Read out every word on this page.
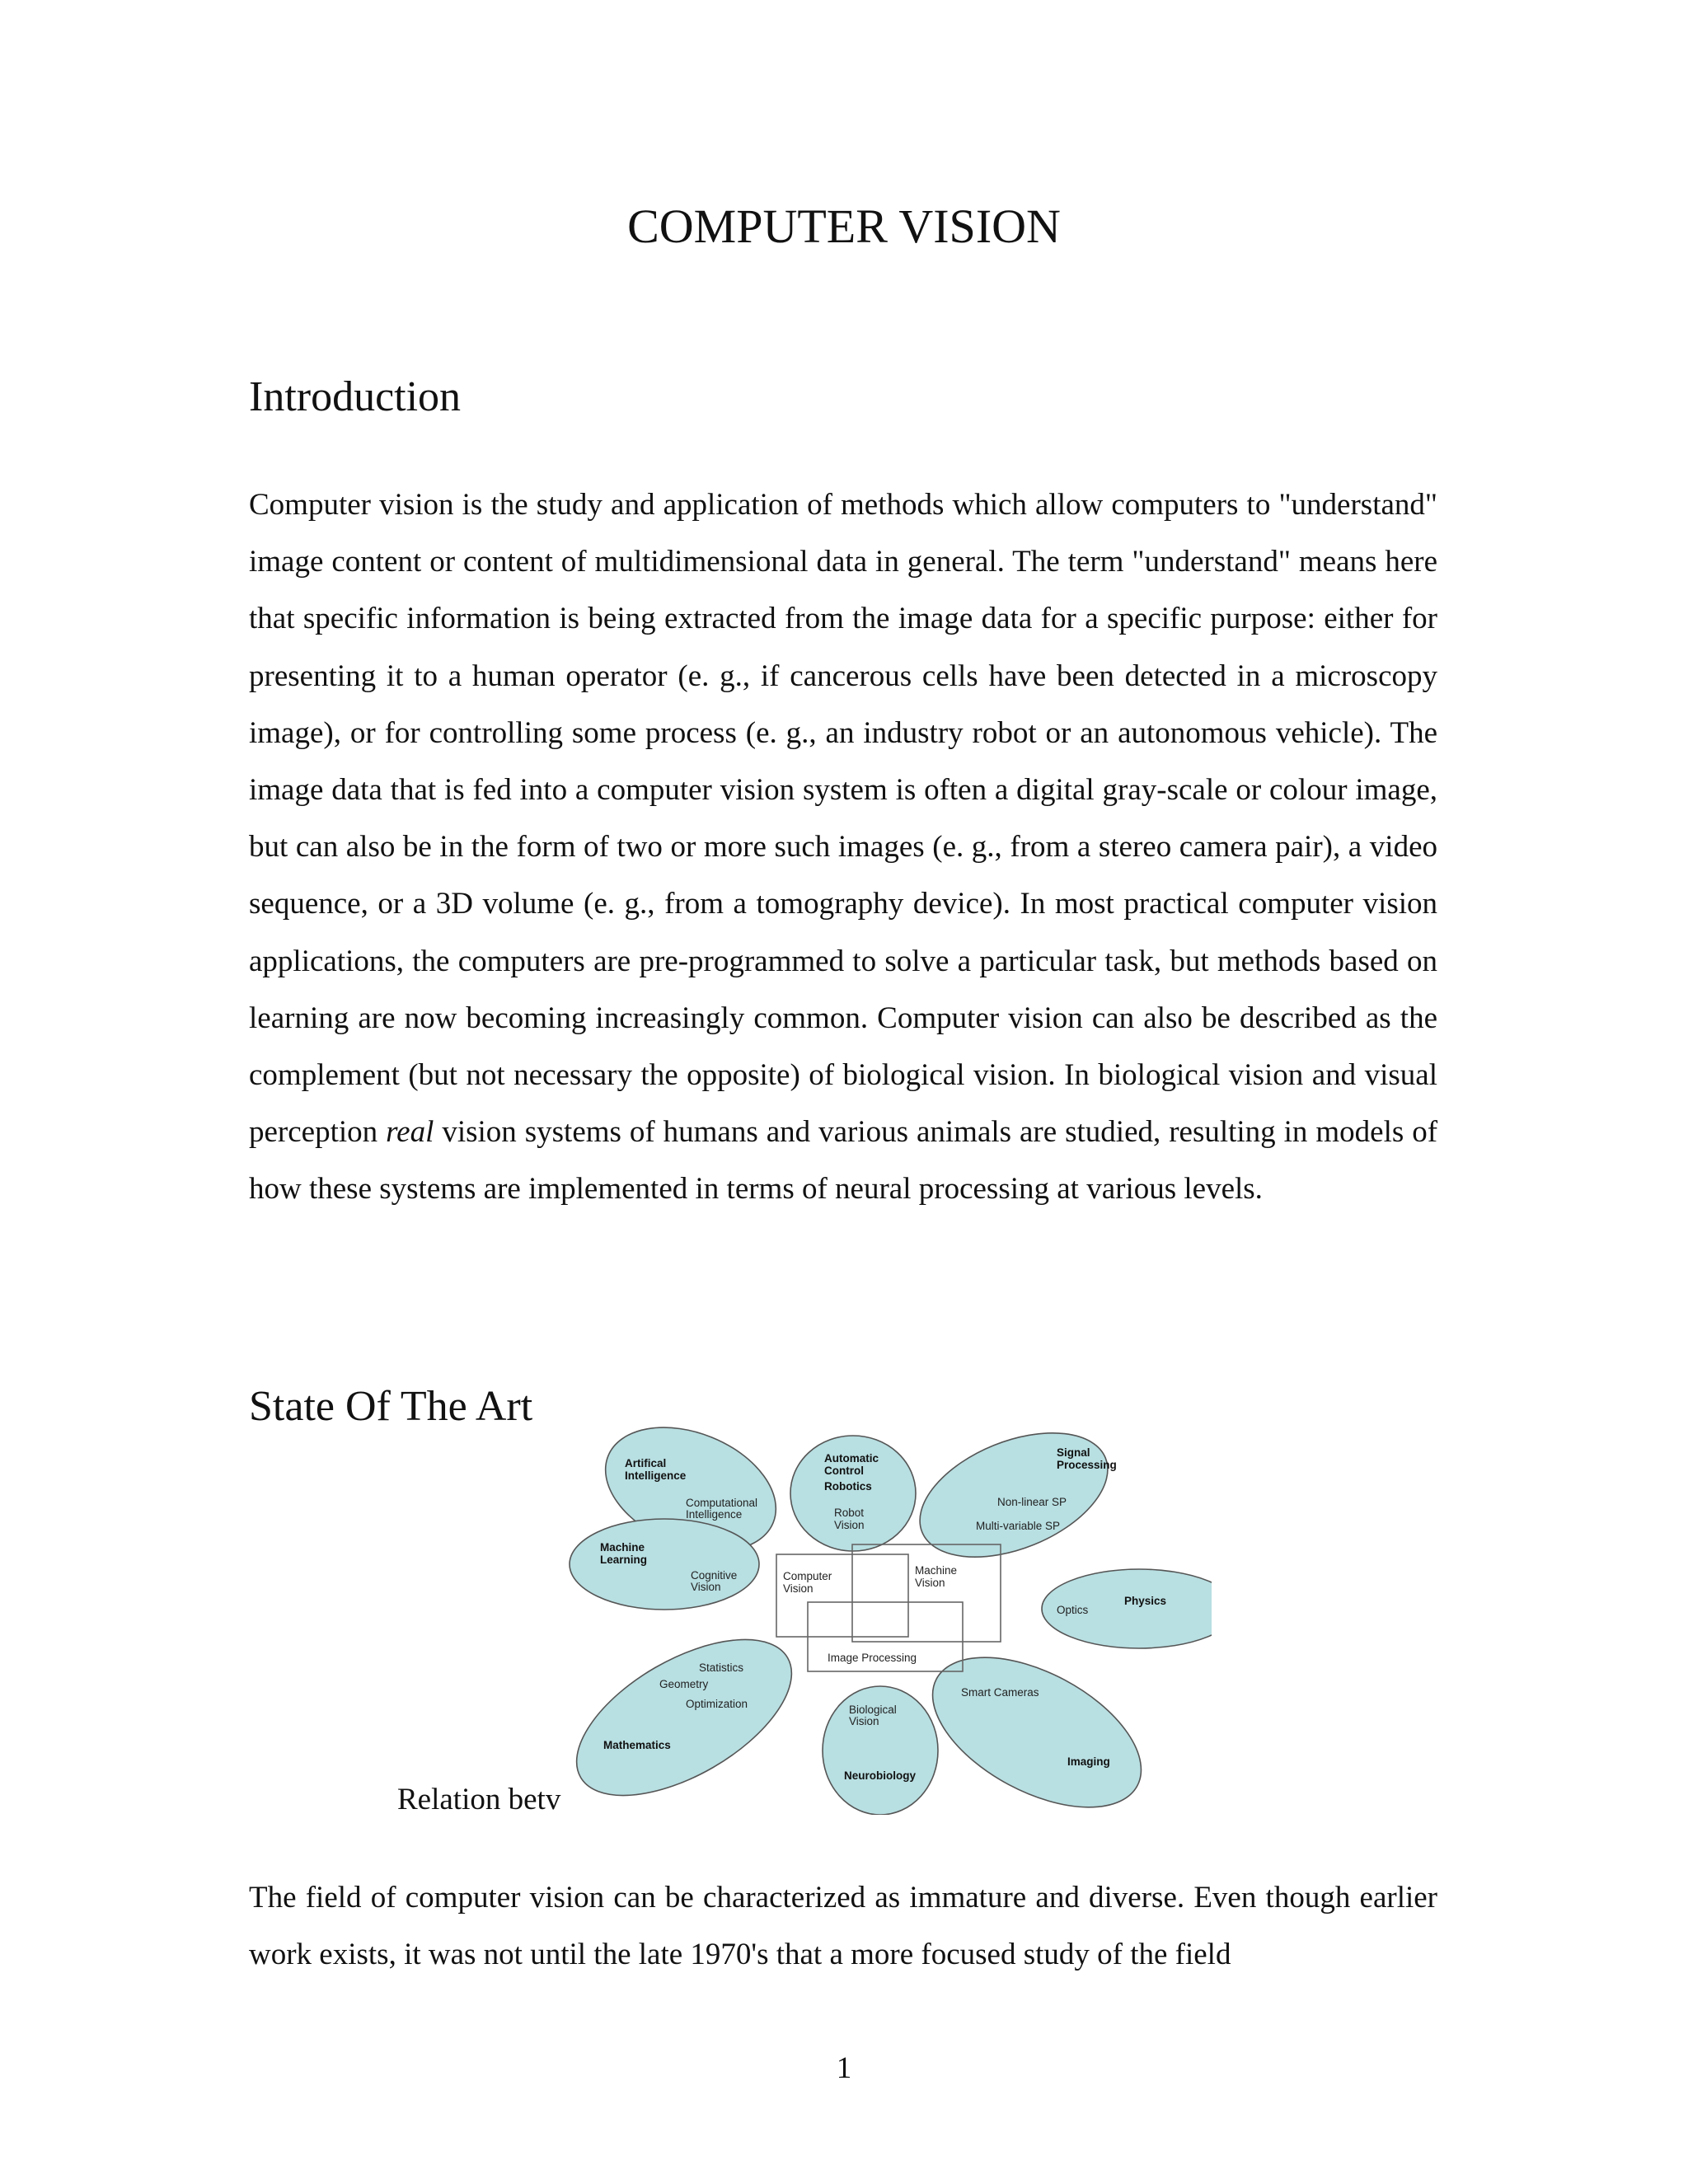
COMPUTER VISION
Introduction

Computer vision is the study and application of methods which allow computers to "understand" image content or content of multidimensional data in general. The term "understand" means here that specific information is being extracted from the image data for a specific purpose: either for presenting it to a human operator (e. g., if cancerous cells have been detected in a microscopy image), or for controlling some process (e. g., an industry robot or an autonomous vehicle). The image data that is fed into a computer vision system is often a digital gray-scale or colour image, but can also be in the form of two or more such images (e. g., from a stereo camera pair), a video sequence, or a 3D volume (e. g., from a tomography device). In most practical computer vision applications, the computers are pre-programmed to solve a particular task, but methods based on learning are now becoming increasingly common. Computer vision can also be described as the complement (but not necessary the opposite) of biological vision. In biological vision and visual perception real vision systems of humans and various animals are studied, resulting in models of how these systems are implemented in terms of neural processing at various levels.

State Of The Art

Relation betv

Artifical
Intelligence
Computational
Intelligence
Automatic
Control
Robotics
Robot
Vision
Signal
Processing
Non-linear SP
Multi-variable SP
Machine
Learning
Cognitive
Vision
Physics
Optics
Statistics
Geometry
Optimization
Mathematics
Biological
Vision
Neurobiology
Smart Cameras
Imaging
Computer
Vision
Machine
Vision
Image Processing

The field of computer vision can be characterized as immature and diverse. Even though earlier work exists, it was not until the late 1970's that a more focused study of the field

1
